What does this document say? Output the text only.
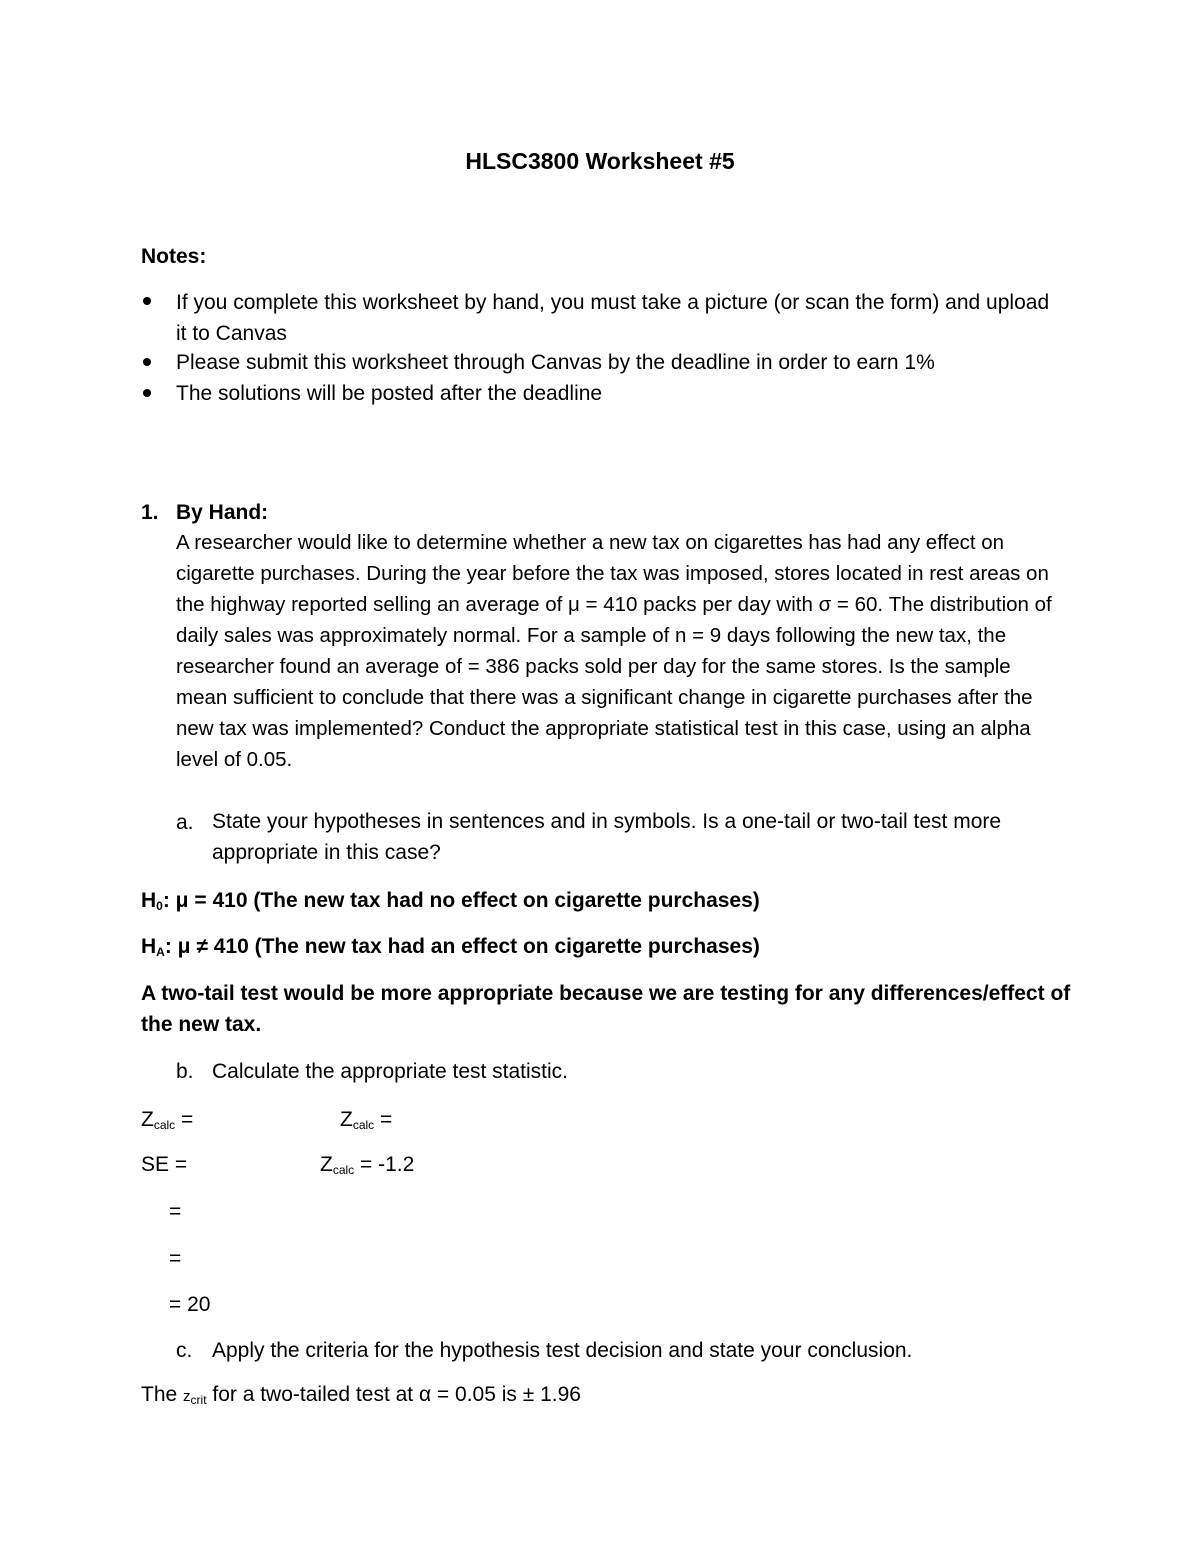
HLSC3800 Worksheet #5
Notes:
If you complete this worksheet by hand, you must take a picture (or scan the form) and upload it to Canvas
Please submit this worksheet through Canvas by the deadline in order to earn 1%
The solutions will be posted after the deadline
1. By Hand:
A researcher would like to determine whether a new tax on cigarettes has had any effect on cigarette purchases. During the year before the tax was imposed, stores located in rest areas on the highway reported selling an average of μ = 410 packs per day with σ = 60. The distribution of daily sales was approximately normal. For a sample of n = 9 days following the new tax, the researcher found an average of = 386 packs sold per day for the same stores. Is the sample mean sufficient to conclude that there was a significant change in cigarette purchases after the new tax was implemented? Conduct the appropriate statistical test in this case, using an alpha level of 0.05.
a. State your hypotheses in sentences and in symbols. Is a one-tail or two-tail test more appropriate in this case?
$H_0$: μ = 410 (The new tax had no effect on cigarette purchases)
$H_A$: μ ≠ 410 (The new tax had an effect on cigarette purchases)
A two-tail test would be more appropriate because we are testing for any differences/effect of the new tax.
b. Calculate the appropriate test statistic.
$Z_{calc}$ =	$Z_{calc}$ =
SE =	$Z_{calc} = -1.2$
=
=
= 20
c. Apply the criteria for the hypothesis test decision and state your conclusion.
The $z_{crit}$ for a two-tailed test at α = 0.05 is ± 1.96
